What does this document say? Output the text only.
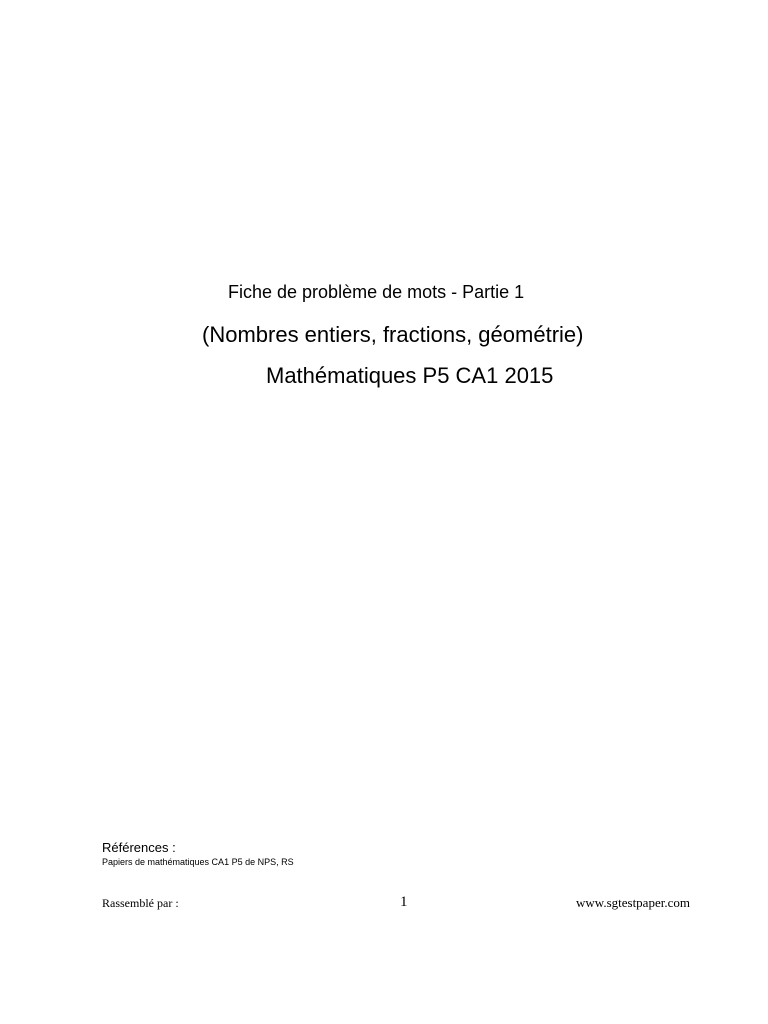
Fiche de problème de mots - Partie 1
(Nombres entiers, fractions, géométrie)
Mathématiques P5 CA1 2015
Références :
Papiers de mathématiques CA1 P5 de NPS, RS
Rassemblé par :	1	www.sgtestpaper.com
